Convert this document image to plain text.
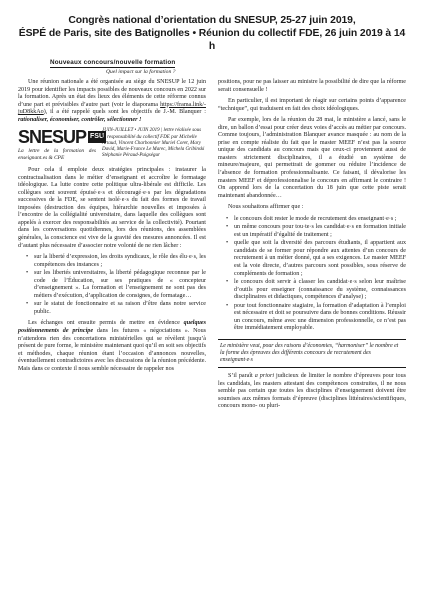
Congrès national d’orientation du SNESUP, 25-27 juin 2019,
ÉSPÉ de Paris, site des Batignolles • Réunion du collectif FDE, 26 juin 2019 à 14 h
Nouveaux concours/nouvelle formation
Quel impact sur la formation ?

Une réunion nationale a été organisée au siège du SNESUP le 12 juin 2019 pour identifier les impacts possibles de nouveaux concours en 2022 sur la formation. Après un état des lieux des éléments de cette réforme connus d’une part et prévisibles d’autre part (voir le diaporama https://frama.link/-juD8kkAo), il a été rappelé quels sont les objectifs de J.-M. Blanquer : rationaliser, économiser, contrôler, sélectionner !

SNESUP FSU
La lettre de la formation des enseignant.es & CPE
JUIN-JUILLET • JUIN 2019 | lettre réalisée sous la responsabilité du collectif FDE par Michelle Artaud, Vincent Charbonnier Muriel Coret, Mary David, Marie-France Le Marec, Michela Gribinski Stéphanie Péraud-Puigségur

Pour cela il emploie deux stratégies principales : instaurer la contractualisation dans le métier d’enseignant et accroître le formatage idéologique. La lutte contre cette politique ultra-libérale est difficile. Les collègues sont souvent épuisé·e·s et découragé·e·s par les dégradations successives de la FDE, se sentent isolé·e·s du fait des formes de travail imposées (destruction des équipes, hiérarchie nouvelles et imposées à l’encontre de la collégialité universitaire, dans laquelle des collègues sont appelés à exercer des responsabilités au service de la collectivité). Pourtant dans les conversations quotidiennes, lors des réunions, des assemblées générales, la conscience est vive de la gravité des mesures annoncées. Il est d’autant plus nécessaire d’associer notre volonté de ne rien lâcher :

• sur la liberté d’expression, les droits syndicaux, le rôle des élu·e·s, les compétences des instances ;
• sur les libertés universitaires, la liberté pédagogique reconnue par le code de l’Éducation, sur ses pratiques de « concepteur d’enseignement ». La formation et l’enseignement ne sont pas des métiers d’exécution, d’application de consignes, de formatage…
• sur le statut de fonctionnaire et sa raison d’être dans notre service public.

Les échanges ont ensuite permis de mettre en évidence quelques positionnements de principe dans les futures « négociations ». Nous n’attendons rien des concertations ministérielles qui se révèlent jusqu’à présent de pure forme, le ministère maintenant quoi qu’il en soit ses objectifs et méthodes, chaque réunion étant l’occasion d’annonces nouvelles, éventuellement contradictoires avec les discussions de la réunion précédente. Mais dans ce contexte il nous semble nécessaire de rappeler nos

positions, pour ne pas laisser au ministre la possibilité de dire que la réforme serait consensuelle !

En particulier, il est important de réagir sur certains points d’apparence “technique”, qui traduisent en fait des choix idéologiques.

Par exemple, lors de la réunion du 28 mai, le ministère a lancé, sans le dire, un ballon d’essai pour créer deux voies d’accès au métier par concours. Comme toujours, l’administration Blanquer avance masquée : au nom de la prise en compte réaliste du fait que le master MEEF n’est pas la source unique des candidats au concours mais que ceux-ci proviennent aussi de masters strictement disciplinaires, il a étudié un système de mineure/majeure, qui permettrait de gommer ou réduire l’incidence de l’absence de formation professionnalisante. Ce faisant, il dévalorise les masters MEEF et déprofessionnalise le concours en affirmant le contraire ! On apprend lors de la concertation du 18 juin que cette piste serait maintenant abandonnée…

Nous souhaitons affirmer que :

• le concours doit rester le mode de recrutement des enseignant·e·s ;
• un même concours pour tou·te·s les candidat·e·s en formation initiale est un impératif d’égalité de traitement ;
• quelle que soit la diversité des parcours étudiants, il appartient aux candidats de se former pour répondre aux attentes d’un concours de recrutement à un métier donné, qui a ses exigences. Le master MEEF est la voie directe, d’autres parcours sont possibles, sous réserve de compléments de formation ;
• le concours doit servir à classer les candidat·e·s selon leur maîtrise d’outils pour enseigner (connaissance du système, connaissances disciplinaires et didactiques, compétences d’analyse) ;
• pour tout fonctionnaire stagiaire, la formation d’adaptation à l’emploi est nécessaire et doit se poursuivre dans de bonnes conditions. Réussir un concours, même avec une dimension professionnelle, ce n’est pas être immédiatement employable.
Le ministère veut, pour des raisons d’économies, “harmoniser” le nombre et la forme des épreuves des différents concours de recrutement des enseignant·e·s

S’il paraît a priori judicieux de limiter le nombre d’épreuves pour tous les candidats, les masters attestant des compétences construites, il ne nous semble pas certain que toutes les disciplines d’enseignement doivent être soumises aux mêmes formats d’épreuve (disciplines littéraires/scientifiques, concours mono- ou pluri-
